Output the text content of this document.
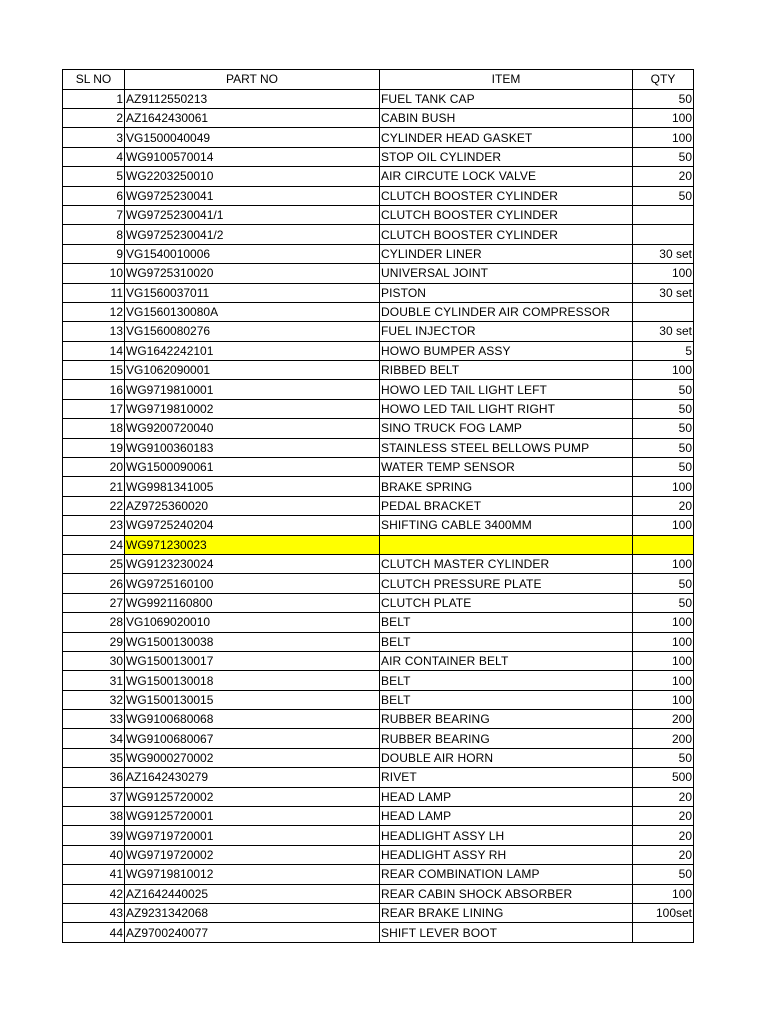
SL NO	PART NO	ITEM	QTY
1	AZ9112550213	FUEL TANK CAP	50
2	AZ1642430061	CABIN BUSH	100
3	VG1500040049	CYLINDER HEAD GASKET	100
4	WG9100570014	STOP OIL CYLINDER	50
5	WG2203250010	AIR CIRCUTE LOCK VALVE	20
6	WG9725230041	CLUTCH BOOSTER CYLINDER	50
7	WG9725230041/1	CLUTCH BOOSTER CYLINDER	
8	WG9725230041/2	CLUTCH BOOSTER CYLINDER	
9	VG1540010006	CYLINDER LINER	30 set
10	WG9725310020	UNIVERSAL JOINT	100
11	VG1560037011	PISTON	30 set
12	VG1560130080A	DOUBLE CYLINDER AIR COMPRESSOR	
13	VG1560080276	FUEL INJECTOR	30 set
14	WG1642242101	HOWO BUMPER ASSY	5
15	VG1062090001	RIBBED BELT	100
16	WG9719810001	HOWO LED TAIL LIGHT LEFT	50
17	WG9719810002	HOWO LED TAIL LIGHT RIGHT	50
18	WG9200720040	SINO TRUCK FOG LAMP	50
19	WG9100360183	STAINLESS STEEL BELLOWS PUMP	50
20	WG1500090061	WATER TEMP SENSOR	50
21	WG9981341005	BRAKE SPRING	100
22	AZ9725360020	PEDAL BRACKET	20
23	WG9725240204	SHIFTING CABLE 3400MM	100
24	WG971230023		
25	WG9123230024	CLUTCH MASTER CYLINDER	100
26	WG9725160100	CLUTCH PRESSURE PLATE	50
27	WG9921160800	CLUTCH PLATE	50
28	VG1069020010	BELT	100
29	WG1500130038	BELT	100
30	WG1500130017	AIR CONTAINER BELT	100
31	WG1500130018	BELT	100
32	WG1500130015	BELT	100
33	WG9100680068	RUBBER BEARING	200
34	WG9100680067	RUBBER BEARING	200
35	WG9000270002	DOUBLE AIR HORN	50
36	AZ1642430279	RIVET	500
37	WG9125720002	HEAD LAMP	20
38	WG9125720001	HEAD LAMP	20
39	WG9719720001	HEADLIGHT ASSY LH	20
40	WG9719720002	HEADLIGHT ASSY RH	20
41	WG9719810012	REAR COMBINATION LAMP	50
42	AZ1642440025	REAR CABIN SHOCK ABSORBER	100
43	AZ9231342068	REAR BRAKE LINING	100set
44	AZ9700240077	SHIFT LEVER BOOT	
